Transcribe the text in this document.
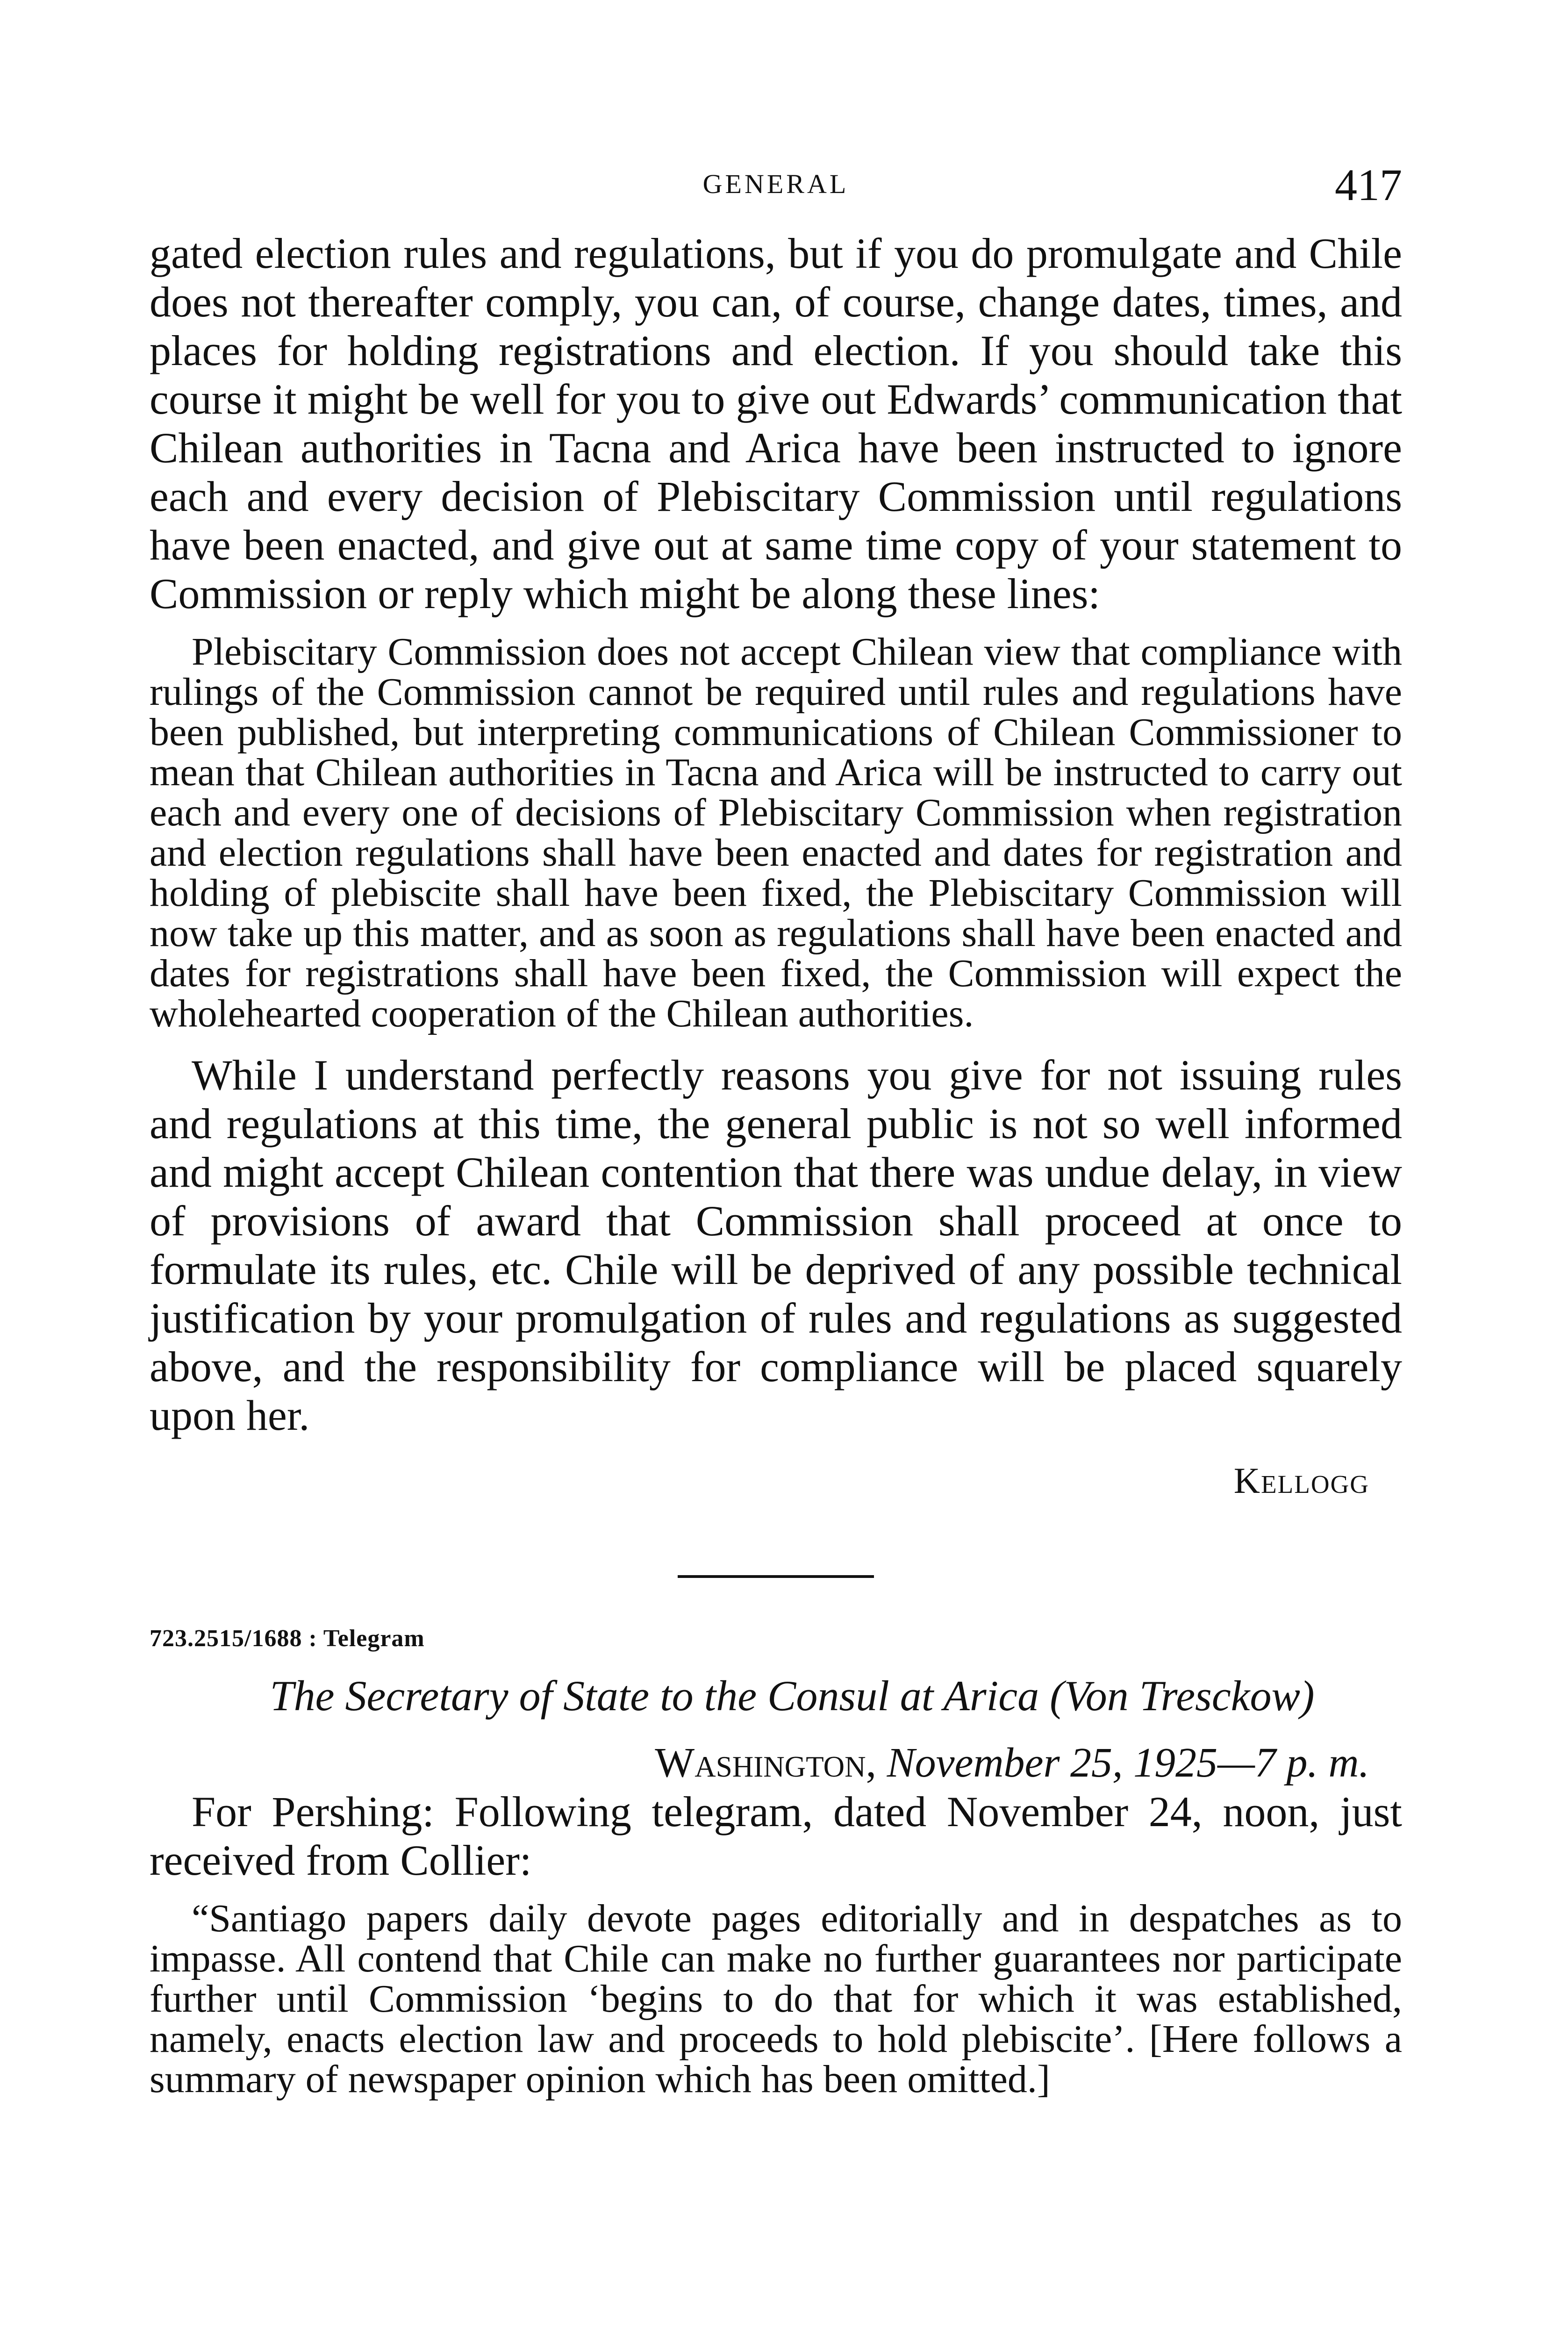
GENERAL	417

gated election rules and regulations, but if you do promulgate and Chile does not thereafter comply, you can, of course, change dates, times, and places for holding registrations and election. If you should take this course it might be well for you to give out Edwards’ communication that Chilean authorities in Tacna and Arica have been instructed to ignore each and every decision of Plebiscitary Commission until regulations have been enacted, and give out at same time copy of your statement to Commission or reply which might be along these lines:

Plebiscitary Commission does not accept Chilean view that compliance with rulings of the Commission cannot be required until rules and regulations have been published, but interpreting communications of Chilean Commissioner to mean that Chilean authorities in Tacna and Arica will be instructed to carry out each and every one of decisions of Plebiscitary Commission when registration and election regulations shall have been enacted and dates for registration and holding of plebiscite shall have been fixed, the Plebiscitary Commission will now take up this matter, and as soon as regulations shall have been enacted and dates for registrations shall have been fixed, the Commission will expect the wholehearted cooperation of the Chilean authorities.

While I understand perfectly reasons you give for not issuing rules and regulations at this time, the general public is not so well informed and might accept Chilean contention that there was undue delay, in view of provisions of award that Commission shall proceed at once to formulate its rules, etc. Chile will be deprived of any possible technical justification by your promulgation of rules and regulations as suggested above, and the responsibility for compliance will be placed squarely upon her.

Kellogg
723.2515/1688 : Telegram
The Secretary of State to the Consul at Arica (Von Tresckow)
Washington, November 25, 1925—7 p. m.

For Pershing: Following telegram, dated November 24, noon, just received from Collier:

“Santiago papers daily devote pages editorially and in despatches as to impasse. All contend that Chile can make no further guarantees nor participate further until Commission ‘begins to do that for which it was established, namely, enacts election law and proceeds to hold plebiscite’. [Here follows a summary of newspaper opinion which has been omitted.]
